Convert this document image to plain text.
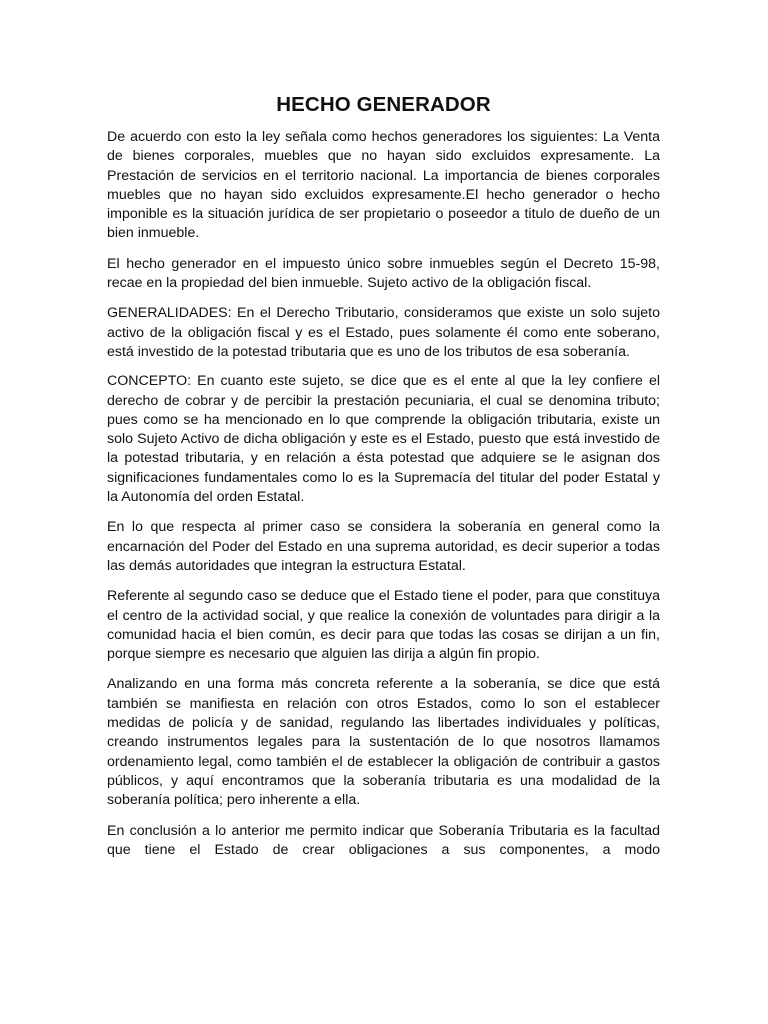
HECHO GENERADOR

De acuerdo con esto la ley señala como hechos generadores los siguientes: La Venta de bienes corporales, muebles que no hayan sido excluidos expresamente. La Prestación de servicios en el territorio nacional. La importancia de bienes corporales muebles que no hayan sido excluidos expresamente.El hecho generador o hecho imponible es la situación jurídica de ser propietario o poseedor a titulo de dueño de un bien inmueble.

El hecho generador en el impuesto único sobre inmuebles según el Decreto 15-98, recae en la propiedad del bien inmueble. Sujeto activo de la obligación fiscal.

GENERALIDADES: En el Derecho Tributario, consideramos que existe un solo sujeto activo de la obligación fiscal y es el Estado, pues solamente él como ente soberano, está investido de la potestad tributaria que es uno de los tributos de esa soberanía.

CONCEPTO: En cuanto este sujeto, se dice que es el ente al que la ley confiere el derecho de cobrar y de percibir la prestación pecuniaria, el cual se denomina tributo; pues como se ha mencionado en lo que comprende la obligación tributaria, existe un solo Sujeto Activo de dicha obligación y este es el Estado, puesto que está investido de la potestad tributaria, y en relación a ésta potestad que adquiere se le asignan dos significaciones fundamentales como lo es la Supremacía del titular del poder Estatal y la Autonomía del orden Estatal.

En lo que respecta al primer caso se considera la soberanía en general como la encarnación del Poder del Estado en una suprema autoridad, es decir superior a todas las demás autoridades que integran la estructura Estatal.

Referente al segundo caso se deduce que el Estado tiene el poder, para que constituya el centro de la actividad social, y que realice la conexión de voluntades para dirigir a la comunidad hacia el bien común, es decir para que todas las cosas se dirijan a un fin, porque siempre es necesario que alguien las dirija a algún fin propio.

Analizando en una forma más concreta referente a la soberanía, se dice que está también se manifiesta en relación con otros Estados, como lo son el establecer medidas de policía y de sanidad, regulando las libertades individuales y políticas, creando instrumentos legales para la sustentación de lo que nosotros llamamos ordenamiento legal, como también el de establecer la obligación de contribuir a gastos públicos, y aquí encontramos que la soberanía tributaria es una modalidad de la soberanía política; pero inherente a ella.

En conclusión a lo anterior me permito indicar que Soberanía Tributaria es la facultad que tiene el Estado de crear obligaciones a sus componentes, a modo
